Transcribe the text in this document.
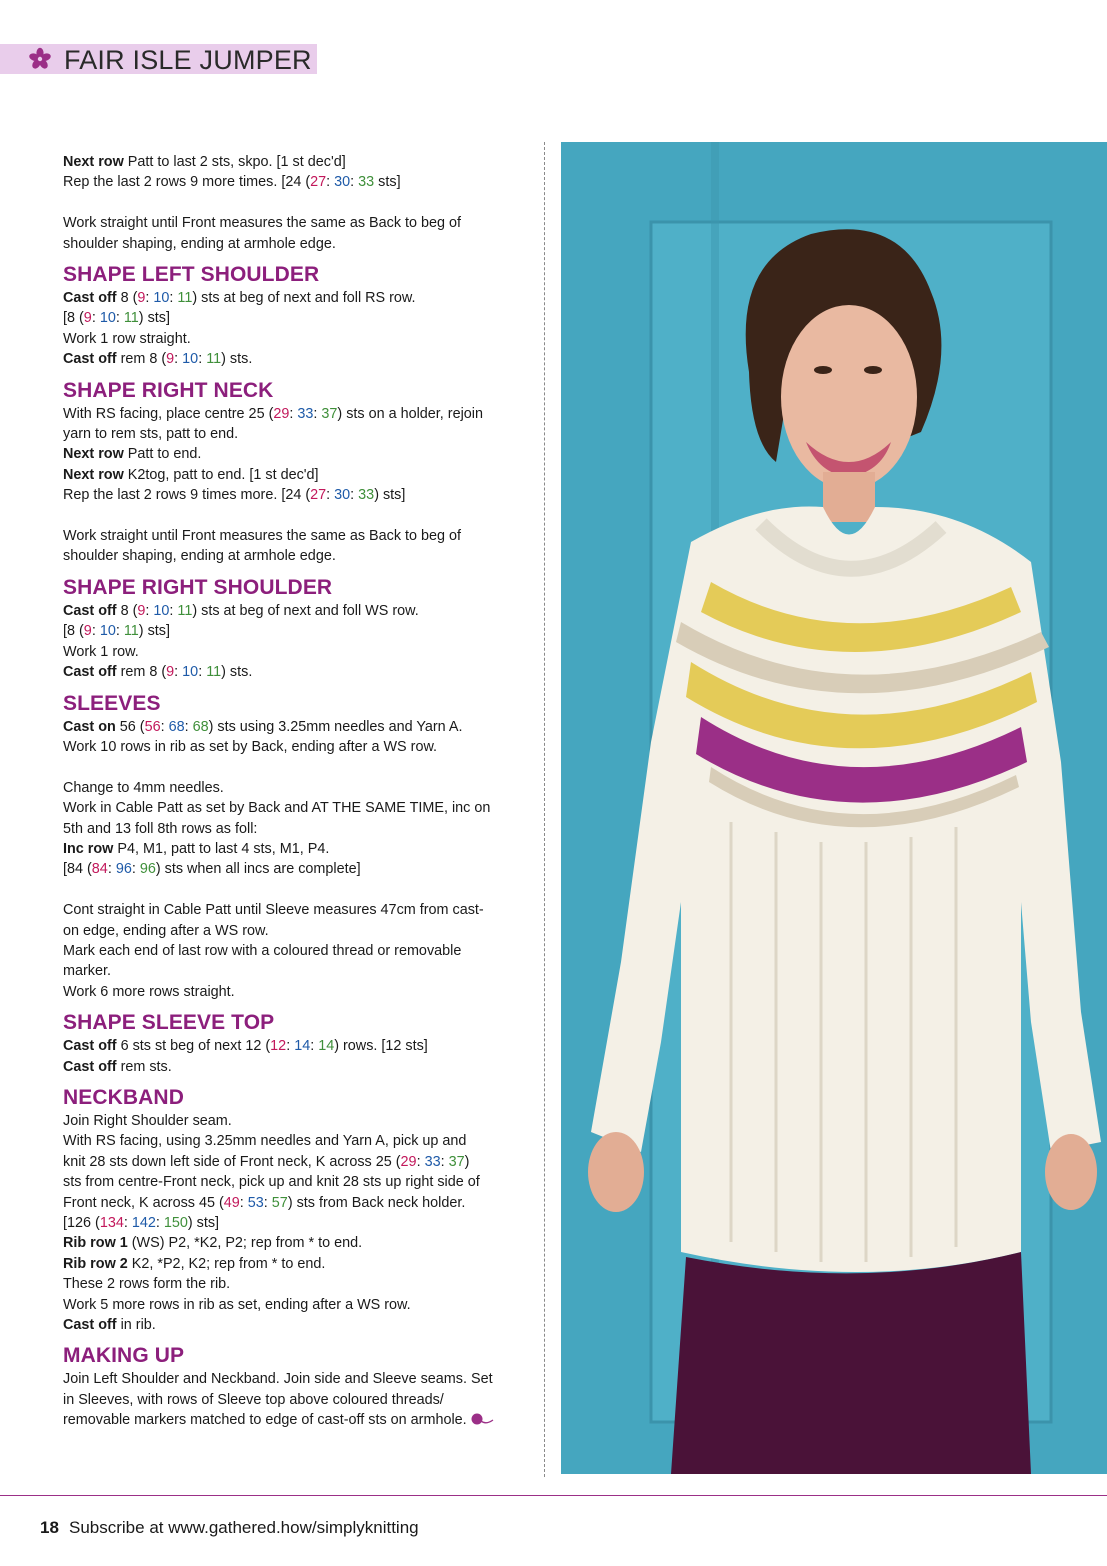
FAIR ISLE JUMPER
Next row Patt to last 2 sts, skpo. [1 st dec'd]
Rep the last 2 rows 9 more times. [24 (27: 30: 33 sts]
Work straight until Front measures the same as Back to beg of
shoulder shaping, ending at armhole edge.
SHAPE LEFT SHOULDER
Cast off 8 (9: 10: 11) sts at beg of next and foll RS row.
[8 (9: 10: 11) sts]
Work 1 row straight.
Cast off rem 8 (9: 10: 11) sts.
SHAPE RIGHT NECK
With RS facing, place centre 25 (29: 33: 37) sts on a holder, rejoin
yarn to rem sts, patt to end.
Next row Patt to end.
Next row K2tog, patt to end. [1 st dec'd]
Rep the last 2 rows 9 times more. [24 (27: 30: 33) sts]
Work straight until Front measures the same as Back to beg of
shoulder shaping, ending at armhole edge.
SHAPE RIGHT SHOULDER
Cast off 8 (9: 10: 11) sts at beg of next and foll WS row.
[8 (9: 10: 11) sts]
Work 1 row.
Cast off rem 8 (9: 10: 11) sts.
SLEEVES
Cast on 56 (56: 68: 68) sts using 3.25mm needles and Yarn A.
Work 10 rows in rib as set by Back, ending after a WS row.
Change to 4mm needles.
Work in Cable Patt as set by Back and AT THE SAME TIME, inc on
5th and 13 foll 8th rows as foll:
Inc row P4, M1, patt to last 4 sts, M1, P4.
[84 (84: 96: 96) sts when all incs are complete]
Cont straight in Cable Patt until Sleeve measures 47cm from cast-
on edge, ending after a WS row.
Mark each end of last row with a coloured thread or removable
marker.
Work 6 more rows straight.
SHAPE SLEEVE TOP
Cast off 6 sts st beg of next 12 (12: 14: 14) rows. [12 sts]
Cast off rem sts.
NECKBAND
Join Right Shoulder seam.
With RS facing, using 3.25mm needles and Yarn A, pick up and
knit 28 sts down left side of Front neck, K across 25 (29: 33: 37)
sts from centre-Front neck, pick up and knit 28 sts up right side of
Front neck, K across 45 (49: 53: 57) sts from Back neck holder.
[126 (134: 142: 150) sts]
Rib row 1 (WS) P2, *K2, P2; rep from * to end.
Rib row 2 K2, *P2, K2; rep from * to end.
These 2 rows form the rib.
Work 5 more rows in rib as set, ending after a WS row.
Cast off in rib.
MAKING UP
Join Left Shoulder and Neckband. Join side and Sleeve seams. Set
in Sleeves, with rows of Sleeve top above coloured threads/
removable markers matched to edge of cast-off sts on armhole.
18 Subscribe at www.gathered.how/simplyknitting
